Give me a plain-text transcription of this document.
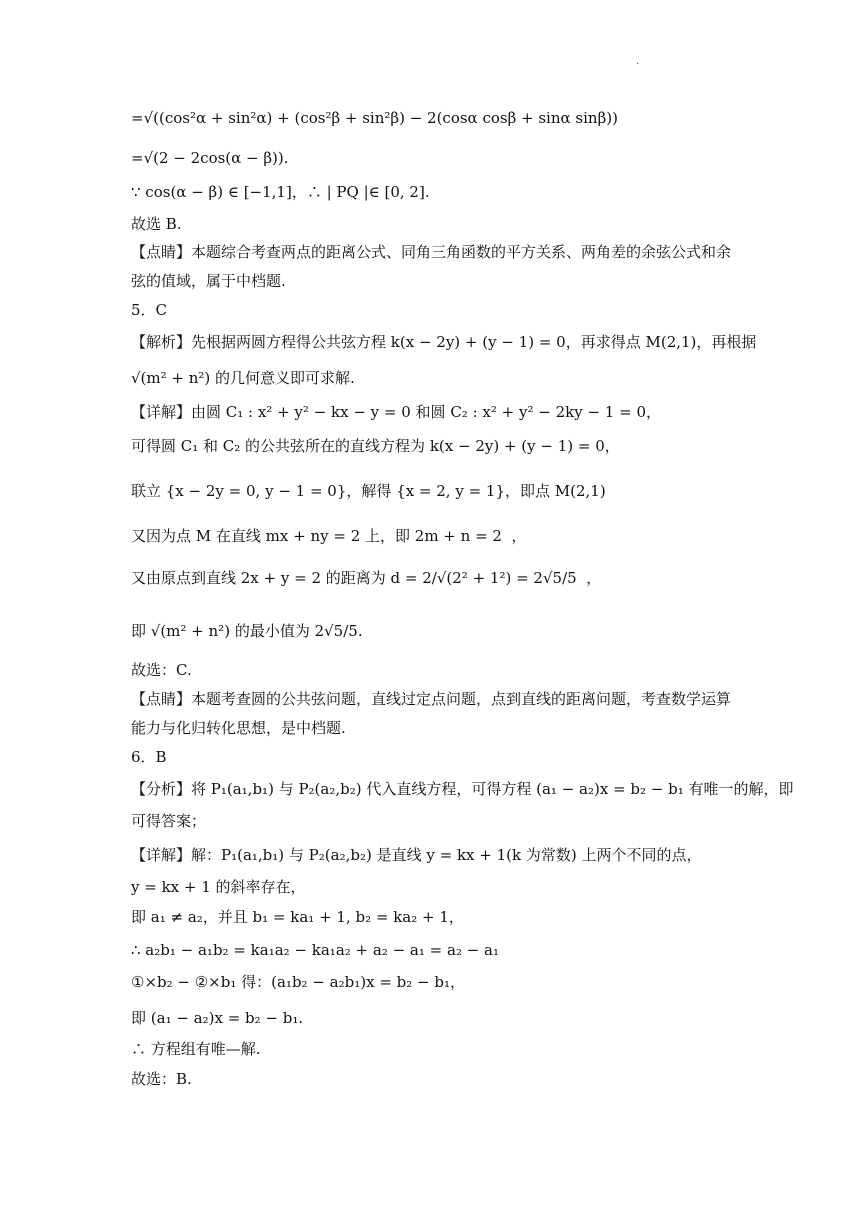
.
=√((cos²α + sin²α) + (cos²β + sin²β) − 2(cosα cosβ + sinα sinβ))
=√(2 − 2cos(α − β)).
∵ cos(α − β) ∈ [−1,1]，∴ | PQ |∈ [0, 2].
故选 B.
【点睛】本题综合考查两点的距离公式、同角三角函数的平方关系、两角差的余弦公式和余
弦的值域，属于中档题.
5．C
【解析】先根据两圆方程得公共弦方程 k(x − 2y) + (y − 1) = 0，再求得点 M(2,1)，再根据
√(m² + n²) 的几何意义即可求解.
【详解】由圆 C₁ : x² + y² − kx − y = 0 和圆 C₂ : x² + y² − 2ky − 1 = 0，
可得圆 C₁ 和 C₂ 的公共弦所在的直线方程为 k(x − 2y) + (y − 1) = 0，
联立 {x − 2y = 0, y − 1 = 0}，解得 {x = 2, y = 1}，即点 M(2,1)
又因为点 M 在直线 mx + ny = 2 上，即 2m + n = 2  ，
又由原点到直线 2x + y = 2 的距离为 d = 2/√(2² + 1²) = 2√5/5  ，
即 √(m² + n²) 的最小值为 2√5/5.
故选：C.
【点睛】本题考查圆的公共弦问题，直线过定点问题，点到直线的距离问题，考查数学运算
能力与化归转化思想，是中档题.
6．B
【分析】将 P₁(a₁,b₁) 与 P₂(a₂,b₂) 代入直线方程，可得方程 (a₁ − a₂)x = b₂ − b₁ 有唯一的解，即
可得答案；
【详解】解：P₁(a₁,b₁) 与 P₂(a₂,b₂) 是直线 y = kx + 1(k 为常数) 上两个不同的点，
y = kx + 1 的斜率存在，
即 a₁ ≠ a₂，并且 b₁ = ka₁ + 1, b₂ = ka₂ + 1，
∴ a₂b₁ − a₁b₂ = ka₁a₂ − ka₁a₂ + a₂ − a₁ = a₂ − a₁
①×b₂ − ②×b₁ 得：(a₁b₂ − a₂b₁)x = b₂ − b₁，
即 (a₁ − a₂)x = b₂ − b₁.
∴ 方程组有唯—解.
故选：B.
